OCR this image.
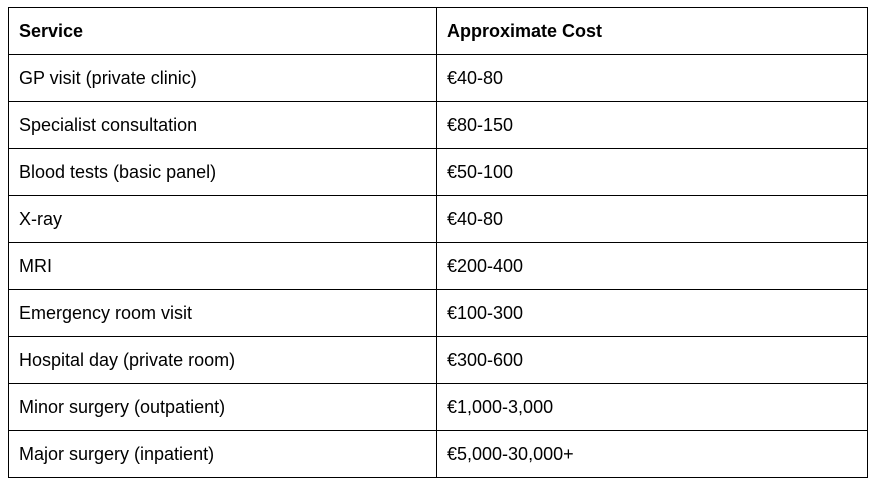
Service	Approximate Cost
GP visit (private clinic)	€40-80
Specialist consultation	€80-150
Blood tests (basic panel)	€50-100
X-ray	€40-80
MRI	€200-400
Emergency room visit	€100-300
Hospital day (private room)	€300-600
Minor surgery (outpatient)	€1,000-3,000
Major surgery (inpatient)	€5,000-30,000+
